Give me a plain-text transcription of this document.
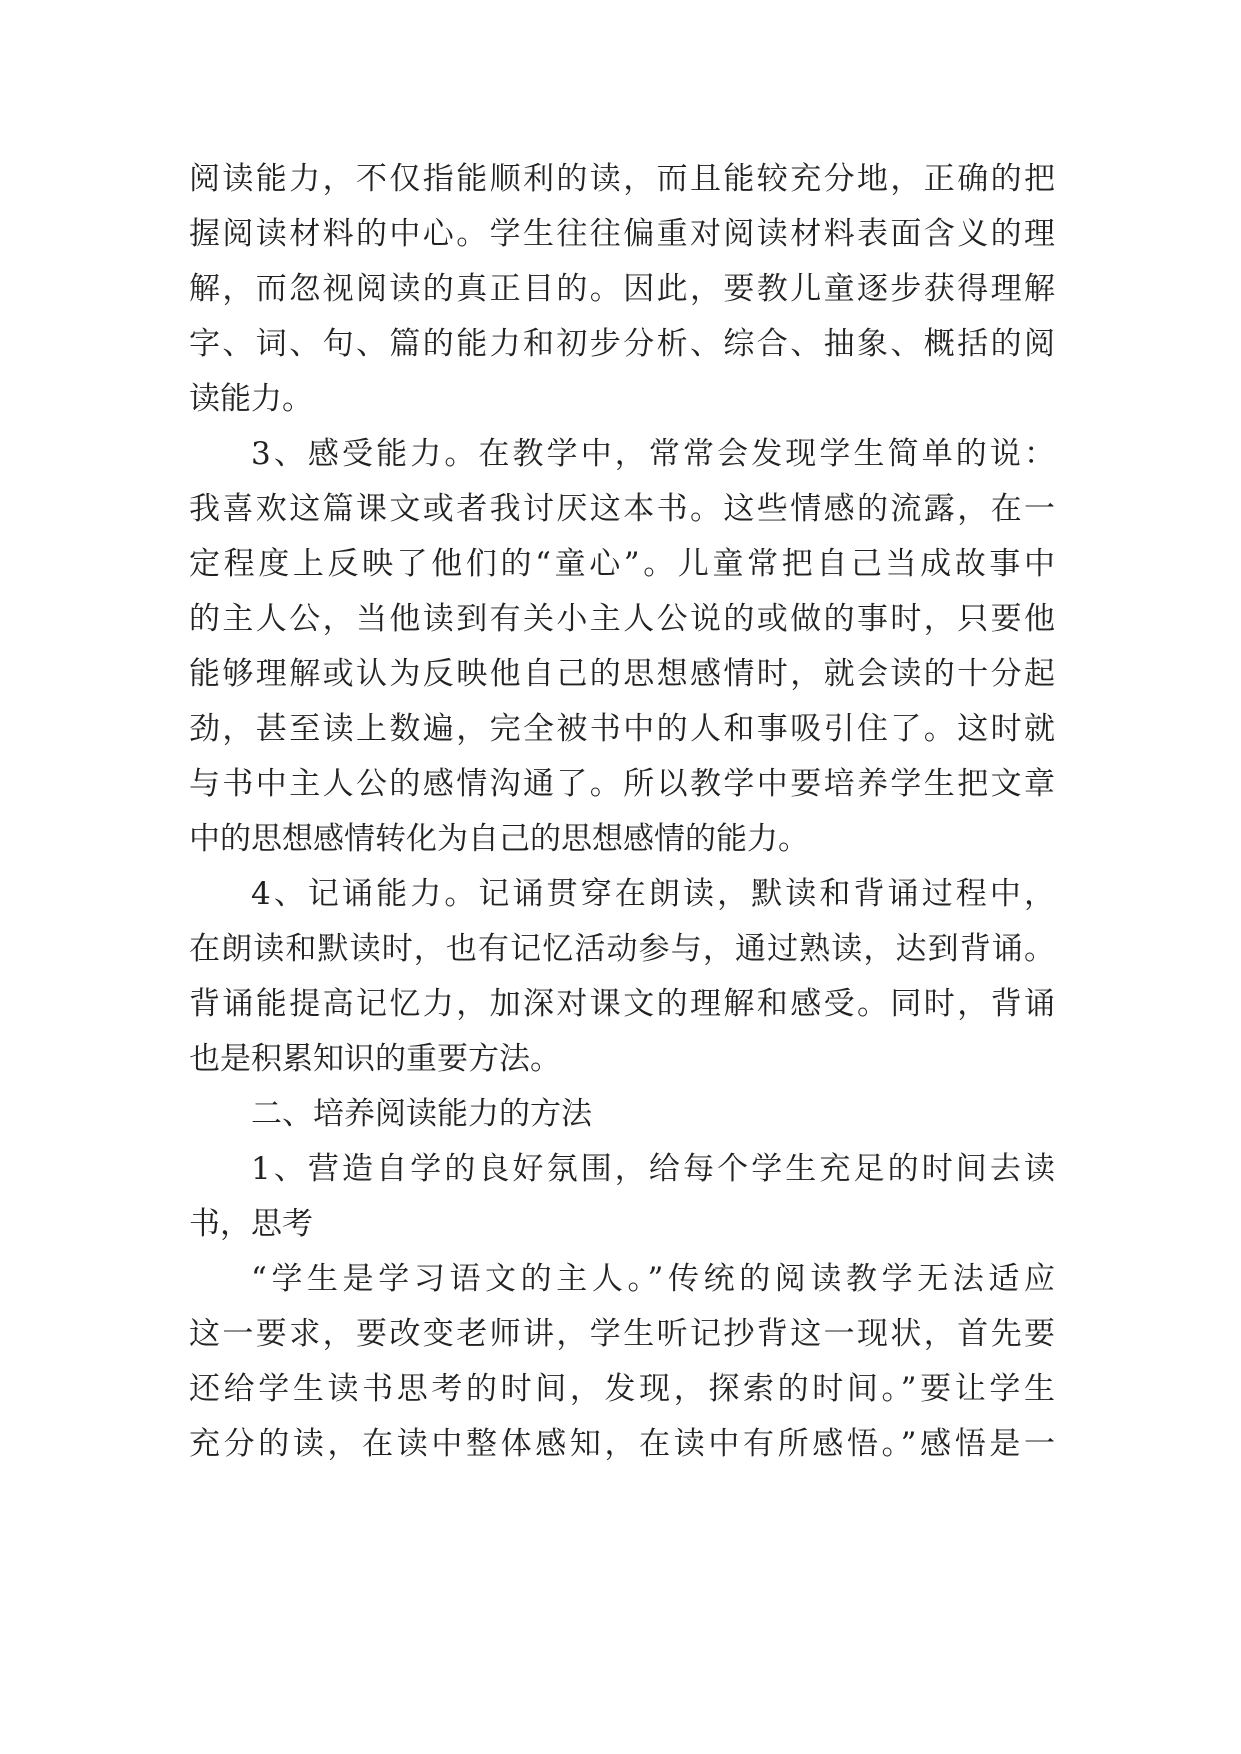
阅读能力，不仅指能顺利的读，而且能较充分地，正确的把
握阅读材料的中心。学生往往偏重对阅读材料表面含义的理
解，而忽视阅读的真正目的。因此，要教儿童逐步获得理解
字、词、句、篇的能力和初步分析、综合、抽象、概括的阅
读能力。
3、感受能力。在教学中，常常会发现学生简单的说：
我喜欢这篇课文或者我讨厌这本书。这些情感的流露，在一
定程度上反映了他们的“童心”。儿童常把自己当成故事中
的主人公，当他读到有关小主人公说的或做的事时，只要他
能够理解或认为反映他自己的思想感情时，就会读的十分起
劲，甚至读上数遍，完全被书中的人和事吸引住了。这时就
与书中主人公的感情沟通了。所以教学中要培养学生把文章
中的思想感情转化为自己的思想感情的能力。
4、记诵能力。记诵贯穿在朗读，默读和背诵过程中，
在朗读和默读时，也有记忆活动参与，通过熟读，达到背诵。
背诵能提高记忆力，加深对课文的理解和感受。同时，背诵
也是积累知识的重要方法。
二、培养阅读能力的方法
1、营造自学的良好氛围，给每个学生充足的时间去读
书，思考
“学生是学习语文的主人。”传统的阅读教学无法适应
这一要求，要改变老师讲，学生听记抄背这一现状，首先要
还给学生读书思考的时间，发现，探索的时间。”要让学生
充分的读，在读中整体感知，在读中有所感悟。”感悟是一
